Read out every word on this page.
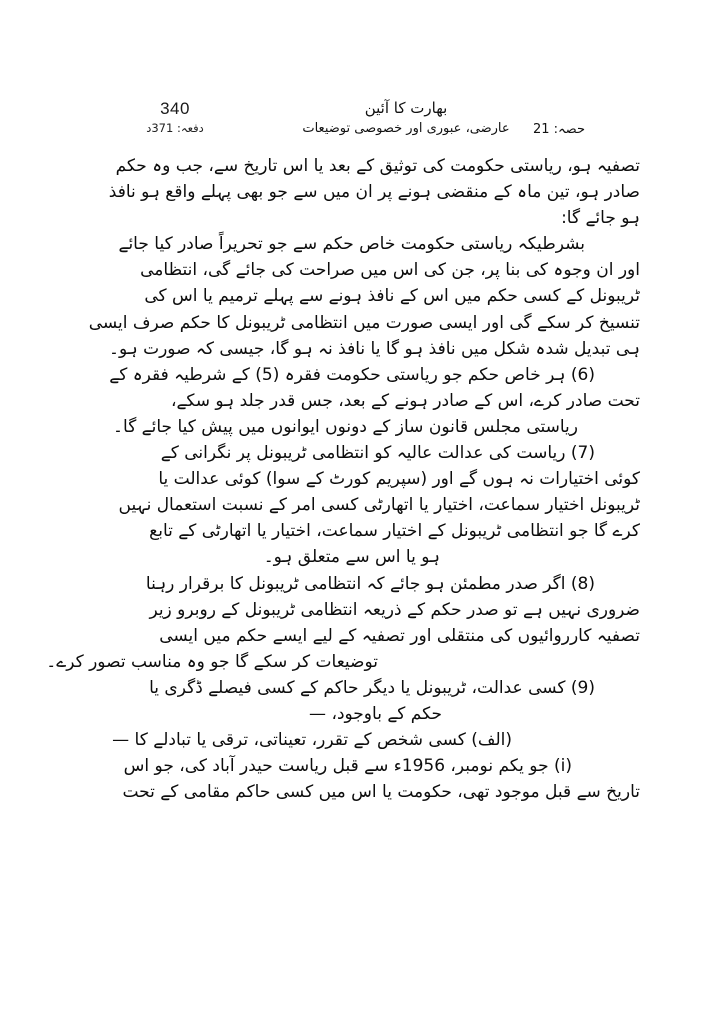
340
دفعہ: 371د
بھارت کا آئین
عارضی، عبوری اور خصوصی توضیعات	حصہ: 21
تصفیہ ہو، ریاستی حکومت کی توثیق کے بعد یا اس تاریخ سے، جب وہ حکم
صادر ہو، تین ماہ کے منقضی ہونے پر ان میں سے جو بھی پہلے واقع ہو نافذ
ہو جائے گا:
بشرطیکہ ریاستی حکومت خاص حکم سے جو تحریراً صادر کیا جائے
اور ان وجوہ کی بنا پر، جن کی اس میں صراحت کی جائے گی، انتظامی
ٹریبونل کے کسی حکم میں اس کے نافذ ہونے سے پہلے ترمیم یا اس کی
تنسیخ کر سکے گی اور ایسی صورت میں انتظامی ٹریبونل کا حکم صرف ایسی
ہی تبدیل شدہ شکل میں نافذ ہو گا یا نافذ نہ ہو گا، جیسی کہ صورت ہو۔
(6) ہر خاص حکم جو ریاستی حکومت فقرہ (5) کے شرطیہ فقرہ کے
تحت صادر کرے، اس کے صادر ہونے کے بعد، جس قدر جلد ہو سکے،
ریاستی مجلس قانون ساز کے دونوں ایوانوں میں پیش کیا جائے گا۔
(7) ریاست کی عدالت عالیہ کو انتظامی ٹریبونل پر نگرانی کے
کوئی اختیارات نہ ہوں گے اور (سپریم کورٹ کے سوا) کوئی عدالت یا
ٹریبونل اختیار سماعت، اختیار یا اتھارٹی کسی امر کے نسبت استعمال نہیں
کرے گا جو انتظامی ٹریبونل کے اختیار سماعت، اختیار یا اتھارٹی کے تابع
ہو یا اس سے متعلق ہو۔
(8) اگر صدر مطمئن ہو جائے کہ انتظامی ٹریبونل کا برقرار رہنا
ضروری نہیں ہے تو صدر حکم کے ذریعہ انتظامی ٹریبونل کے روبرو زیر
تصفیہ کارروائیوں کی منتقلی اور تصفیہ کے لیے ایسے حکم میں ایسی
توضیعات کر سکے گا جو وہ مناسب تصور کرے۔
(9) کسی عدالت، ٹریبونل یا دیگر حاکم کے کسی فیصلے ڈگری یا
حکم کے باوجود، —
(الف) کسی شخص کے تقرر، تعیناتی، ترقی یا تبادلے کا —
(i) جو یکم نومبر، 1956ء سے قبل ریاست حیدر آباد کی، جو اس
تاریخ سے قبل موجود تھی، حکومت یا اس میں کسی حاکم مقامی کے تحت
